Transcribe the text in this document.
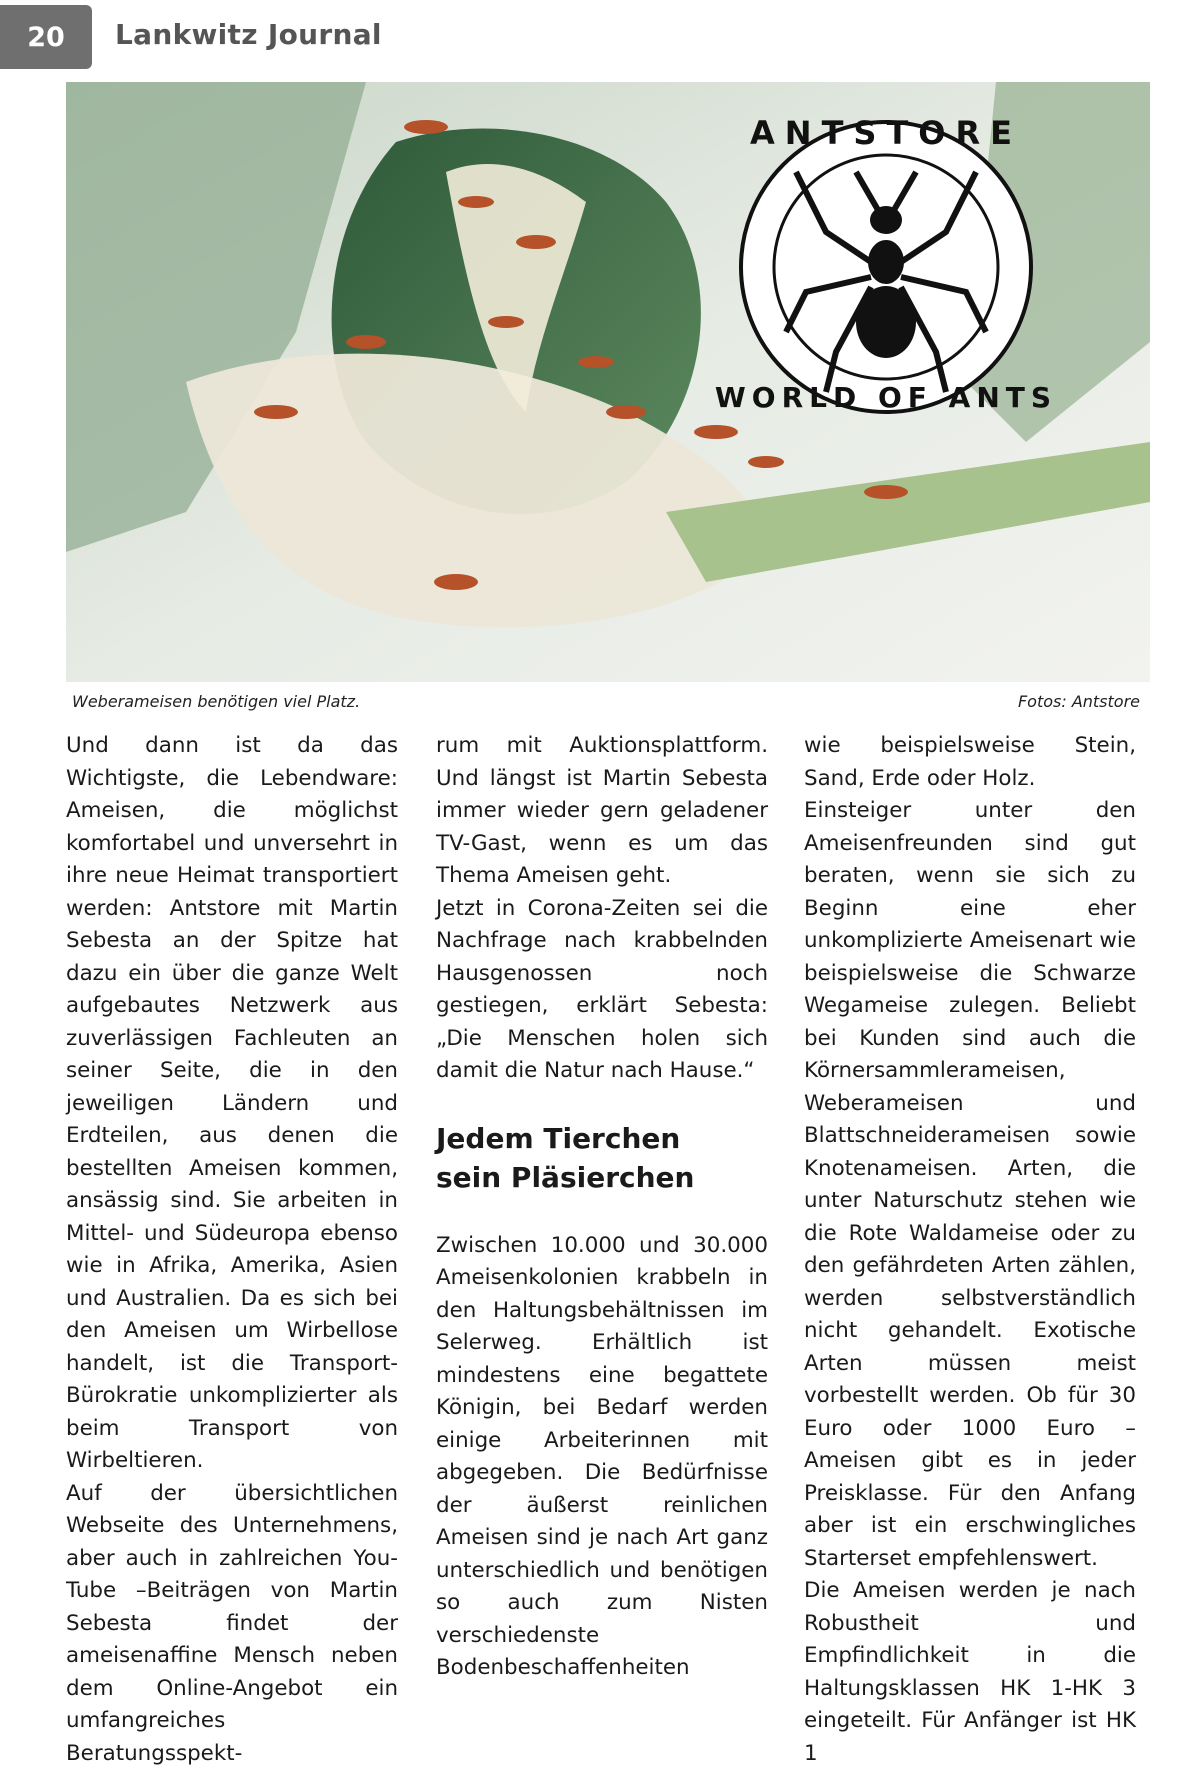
20	Lankwitz Journal
ANTSTORE
WORLD OF ANTS
Weberameisen benötigen viel Platz.	Fotos: Antstore

Und dann ist da das Wichtigste, die Lebendware: Ameisen, die möglichst komfortabel und unversehrt in ihre neue Heimat transportiert werden: Antstore mit Martin Sebesta an der Spitze hat dazu ein über die ganze Welt aufgebautes Netzwerk aus zuverlässigen Fachleuten an seiner Seite, die in den jeweiligen Ländern und Erdteilen, aus denen die bestellten Ameisen kommen, ansässig sind. Sie arbeiten in Mittel- und Südeuropa ebenso wie in Afrika, Amerika, Asien und Australien. Da es sich bei den Ameisen um Wirbellose handelt, ist die Transport-Bürokratie unkomplizierter als beim Transport von Wirbeltieren.

Auf der übersichtlichen Webseite des Unternehmens, aber auch in zahlreichen You-Tube –Beiträgen von Martin Sebesta findet der ameisenaffine Mensch neben dem Online-Angebot ein umfangreiches Beratungsspekt-

rum mit Auktionsplattform. Und längst ist Martin Sebesta immer wieder gern geladener TV-Gast, wenn es um das Thema Ameisen geht.

Jetzt in Corona-Zeiten sei die Nachfrage nach krabbelnden Hausgenossen noch gestiegen, erklärt Sebesta: „Die Menschen holen sich damit die Natur nach Hause.“

Jedem Tierchen
sein Pläsierchen

Zwischen 10.000 und 30.000 Ameisenkolonien krabbeln in den Haltungsbehältnissen im Selerweg. Erhältlich ist mindestens eine begattete Königin, bei Bedarf werden einige Arbeiterinnen mit abgegeben. Die Bedürfnisse der äußerst reinlichen Ameisen sind je nach Art ganz unterschiedlich und benötigen so auch zum Nisten verschiedenste Bodenbeschaffenheiten

wie beispielsweise Stein, Sand, Erde oder Holz.

Einsteiger unter den Ameisenfreunden sind gut beraten, wenn sie sich zu Beginn eine eher unkomplizierte Ameisenart wie beispielsweise die Schwarze Wegameise zulegen. Beliebt bei Kunden sind auch die Körnersammlerameisen, Weberameisen und Blattschneiderameisen sowie Knotenameisen. Arten, die unter Naturschutz stehen wie die Rote Waldameise oder zu den gefährdeten Arten zählen, werden selbstverständlich nicht gehandelt. Exotische Arten müssen meist vorbestellt werden. Ob für 30 Euro oder 1000 Euro – Ameisen gibt es in jeder Preisklasse. Für den Anfang aber ist ein erschwingliches Starterset empfehlenswert.

Die Ameisen werden je nach Robustheit und Empfindlichkeit in die Haltungsklassen HK 1-HK 3 eingeteilt. Für Anfänger ist HK 1
